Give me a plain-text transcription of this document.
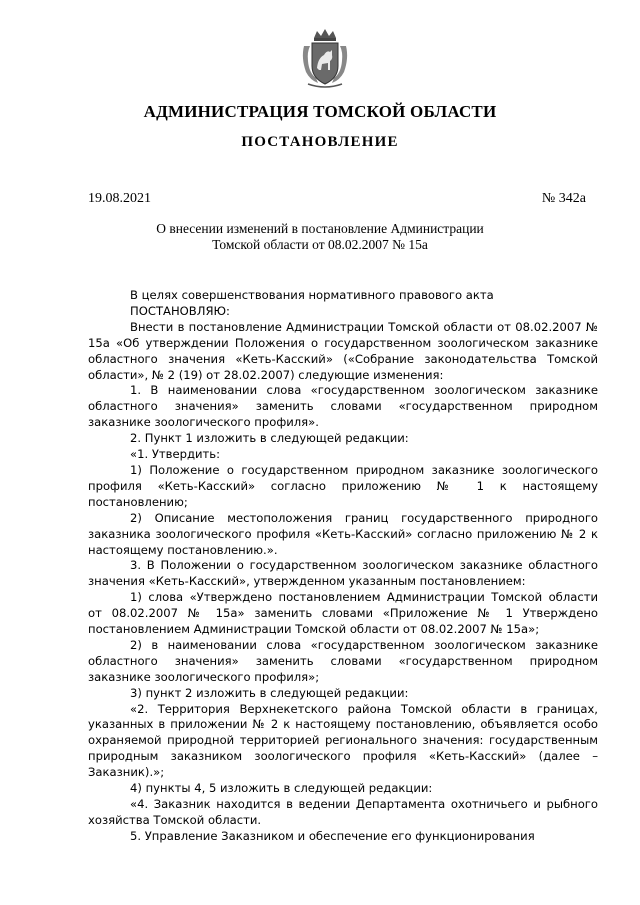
АДМИНИСТРАЦИЯ ТОМСКОЙ ОБЛАСТИ
ПОСТАНОВЛЕНИЕ
19.08.2021	№ 342а
О внесении изменений в постановление Администрации
Томской области от 08.02.2007 № 15а

В целях совершенствования нормативного правового акта

ПОСТАНОВЛЯЮ:

Внести в постановление Администрации Томской области от 08.02.2007 № 15а «Об утверждении Положения о государственном зоологическом заказнике областного значения «Кеть-Касский» («Собрание законодательства Томской области», № 2 (19) от 28.02.2007) следующие изменения:

1. В наименовании слова «государственном зоологическом заказнике областного значения» заменить словами «государственном природном заказнике зоологического профиля».

2. Пункт 1 изложить в следующей редакции:

«1. Утвердить:

1) Положение о государственном природном заказнике зоологического профиля «Кеть-Касский» согласно приложению № 1 к настоящему постановлению;

2) Описание местоположения границ государственного природного заказника зоологического профиля «Кеть-Касский» согласно приложению № 2 к настоящему постановлению.».

3. В Положении о государственном зоологическом заказнике областного значения «Кеть-Касский», утвержденном указанным постановлением:

1) слова «Утверждено постановлением Администрации Томской области от 08.02.2007 № 15а» заменить словами «Приложение № 1 Утверждено постановлением Администрации Томской области от 08.02.2007 № 15а»;

2) в наименовании слова «государственном зоологическом заказнике областного значения» заменить словами «государственном природном заказнике зоологического профиля»;

3) пункт 2 изложить в следующей редакции:

«2. Территория Верхнекетского района Томской области в границах, указанных в приложении № 2 к настоящему постановлению, объявляется особо охраняемой природной территорией регионального значения: государственным природным заказником зоологического профиля «Кеть-Касский» (далее – Заказник).»;

4) пункты 4, 5 изложить в следующей редакции:

«4. Заказник находится в ведении Департамента охотничьего и рыбного хозяйства Томской области.

5. Управление Заказником и обеспечение его функционирования
